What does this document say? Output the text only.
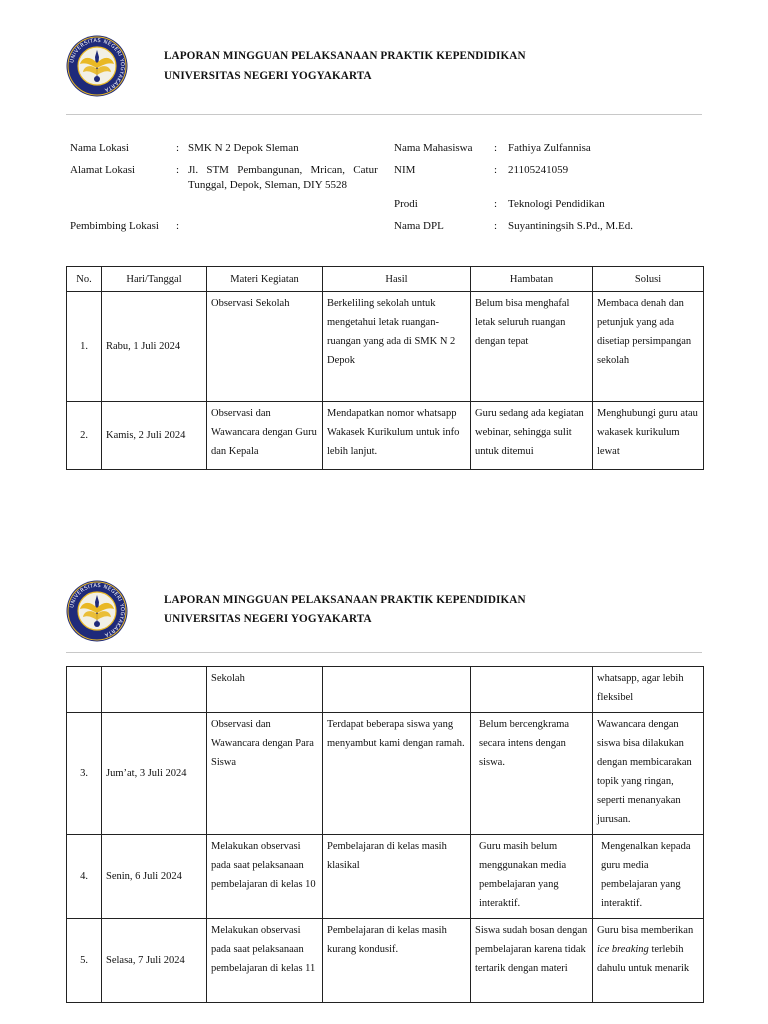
UNIVERSITAS NEGERI YOGYAKARTA
LAPORAN MINGGUAN PELAKSANAAN PRAKTIK KEPENDIDIKAN
UNIVERSITAS NEGERI YOGYAKARTA
Nama Lokasi	: SMK N 2 Depok Sleman
Alamat Lokasi	: Jl.   STM   Pembangunan,   Mrican,   Catur
Tunggal, Depok, Sleman, DIY 5528
Pembimbing Lokasi :
Nama Mahasiswa : Fathiya Zulfannisa
NIM	: 21105241059
Prodi	: Teknologi Pendidikan
Nama DPL	: Suyantiningsih S.Pd., M.Ed.
No.	Hari/Tanggal	Materi Kegiatan	Hasil	Hambatan	Solusi
1.	Rabu, 1 Juli 2024	Observasi Sekolah	Berkeliling sekolah untuk mengetahui letak ruangan-ruangan yang ada di SMK N 2 Depok	Belum bisa menghafal letak seluruh ruangan dengan tepat	Membaca denah dan petunjuk yang ada disetiap persimpangan sekolah
2.	Kamis, 2 Juli 2024	Observasi dan Wawancara dengan Guru dan Kepala	Mendapatkan nomor whatsapp Wakasek Kurikulum untuk info lebih lanjut.	Guru sedang ada kegiatan webinar, sehingga sulit untuk ditemui	Menghubungi guru atau wakasek kurikulum lewat
UNIVERSITAS NEGERI YOGYAKARTA
LAPORAN MINGGUAN PELAKSANAAN PRAKTIK KEPENDIDIKAN
UNIVERSITAS NEGERI YOGYAKARTA
		Sekolah			whatsapp, agar lebih fleksibel
3.	Jum’at, 3 Juli 2024	Observasi dan Wawancara dengan Para Siswa	Terdapat beberapa siswa yang menyambut kami dengan ramah.	Belum bercengkrama secara intens dengan siswa.	Wawancara dengan siswa bisa dilakukan dengan membicarakan topik yang ringan, seperti menanyakan jurusan.
4.	Senin, 6 Juli 2024	Melakukan observasi pada saat pelaksanaan pembelajaran di kelas 10	Pembelajaran di kelas masih klasikal	Guru masih belum menggunakan media pembelajaran yang interaktif.	Mengenalkan kepada guru media pembelajaran yang interaktif.
5.	Selasa, 7 Juli 2024	Melakukan observasi pada saat pelaksanaan pembelajaran di kelas 11	Pembelajaran di kelas masih kurang kondusif.	Siswa sudah bosan dengan pembelajaran karena tidak tertarik dengan materi	Guru bisa memberikan ice breaking terlebih dahulu untuk menarik
